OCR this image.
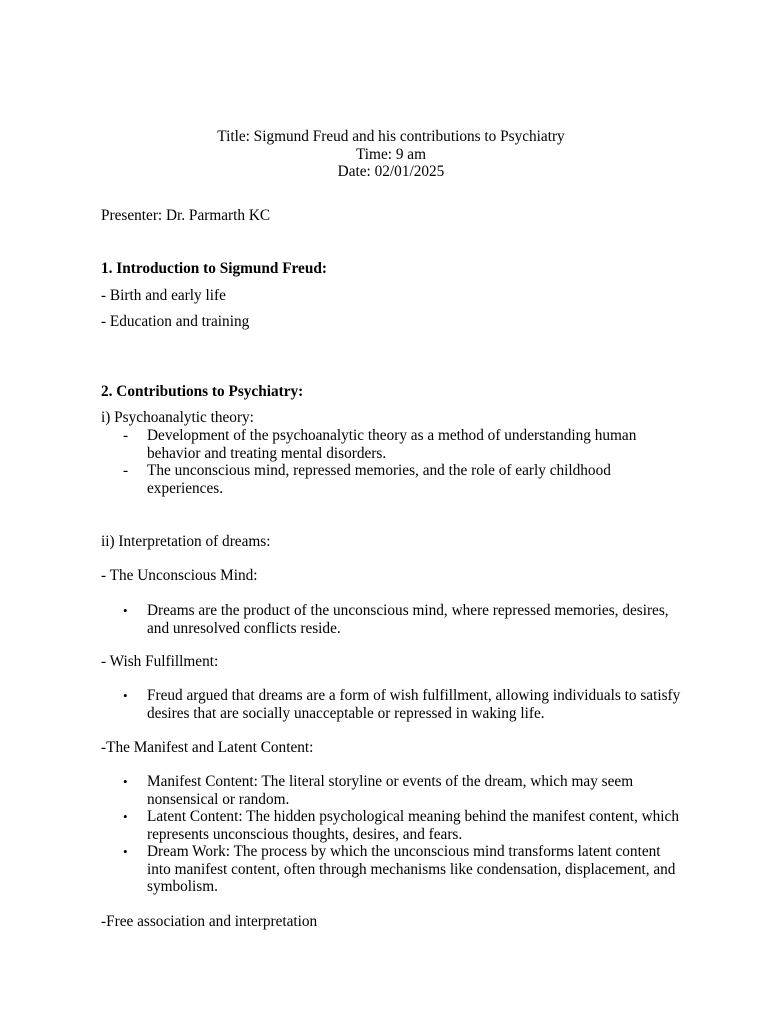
Title: Sigmund Freud and his contributions to Psychiatry
Time: 9 am
Date: 02/01/2025
Presenter: Dr. Parmarth KC
1. Introduction to Sigmund Freud:
- Birth and early life
- Education and training
2. Contributions to Psychiatry:
i) Psychoanalytic theory:
- Development of the psychoanalytic theory as a method of understanding human behavior and treating mental disorders.
- The unconscious mind, repressed memories, and the role of early childhood experiences.
ii) Interpretation of dreams:
- The Unconscious Mind:
• Dreams are the product of the unconscious mind, where repressed memories, desires, and unresolved conflicts reside.
- Wish Fulfillment:
• Freud argued that dreams are a form of wish fulfillment, allowing individuals to satisfy desires that are socially unacceptable or repressed in waking life.
-The Manifest and Latent Content:
• Manifest Content: The literal storyline or events of the dream, which may seem nonsensical or random.
• Latent Content: The hidden psychological meaning behind the manifest content, which represents unconscious thoughts, desires, and fears.
• Dream Work: The process by which the unconscious mind transforms latent content into manifest content, often through mechanisms like condensation, displacement, and symbolism.
-Free association and interpretation
